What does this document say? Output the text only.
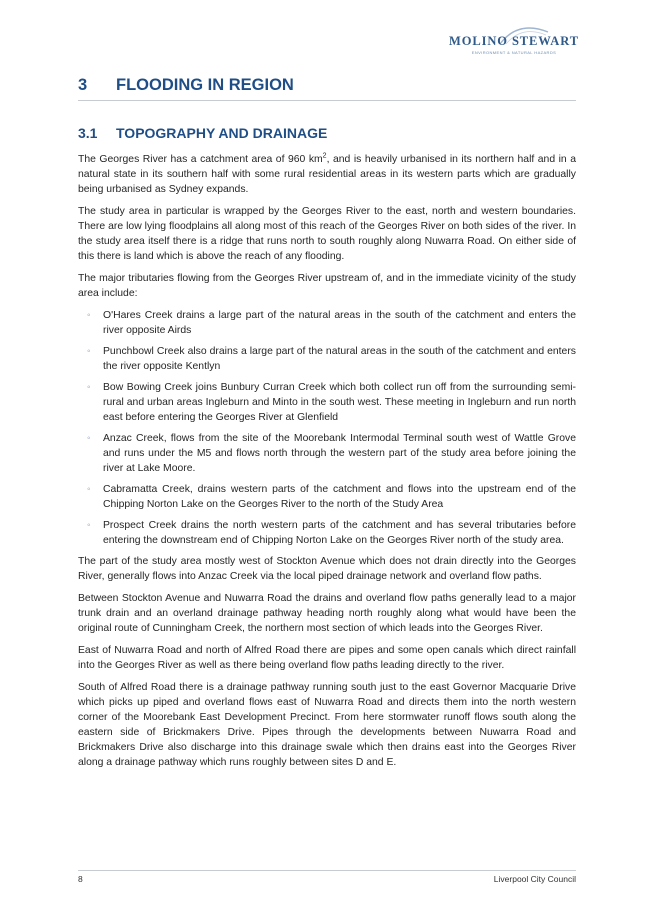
MOLINO STEWART
ENVIRONMENT & NATURAL HAZARDS
3 FLOODING IN REGION
3.1 TOPOGRAPHY AND DRAINAGE

The Georges River has a catchment area of 960 $km^2$, and is heavily urbanised in its northern half and in a natural state in its southern half with some rural residential areas in its western parts which are gradually being urbanised as Sydney expands.

The study area in particular is wrapped by the Georges River to the east, north and western boundaries. There are low lying floodplains all along most of this reach of the Georges River on both sides of the river. In the study area itself there is a ridge that runs north to south roughly along Nuwarra Road. On either side of this there is land which is above the reach of any flooding.

The major tributaries flowing from the Georges River upstream of, and in the immediate vicinity of the study area include:

◦ O'Hares Creek drains a large part of the natural areas in the south of the catchment and enters the river opposite Airds
◦ Punchbowl Creek also drains a large part of the natural areas in the south of the catchment and enters the river opposite Kentlyn
◦ Bow Bowing Creek joins Bunbury Curran Creek which both collect run off from the surrounding semi-rural and urban areas Ingleburn and Minto in the south west. These meeting in Ingleburn and run north east before entering the Georges River at Glenfield
◦ Anzac Creek, flows from the site of the Moorebank Intermodal Terminal south west of Wattle Grove and runs under the M5 and flows north through the western part of the study area before joining the river at Lake Moore.
◦ Cabramatta Creek, drains western parts of the catchment and flows into the upstream end of the Chipping Norton Lake on the Georges River to the north of the Study Area
◦ Prospect Creek drains the north western parts of the catchment and has several tributaries before entering the downstream end of Chipping Norton Lake on the Georges River north of the study area.

The part of the study area mostly west of Stockton Avenue which does not drain directly into the Georges River, generally flows into Anzac Creek via the local piped drainage network and overland flow paths.

Between Stockton Avenue and Nuwarra Road the drains and overland flow paths generally lead to a major trunk drain and an overland drainage pathway heading north roughly along what would have been the original route of Cunningham Creek, the northern most section of which leads into the Georges River.

East of Nuwarra Road and north of Alfred Road there are pipes and some open canals which direct rainfall into the Georges River as well as there being overland flow paths leading directly to the river.

South of Alfred Road there is a drainage pathway running south just to the east Governor Macquarie Drive which picks up piped and overland flows east of Nuwarra Road and directs them into the north western corner of the Moorebank East Development Precinct. From here stormwater runoff flows south along the eastern side of Brickmakers Drive. Pipes through the developments between Nuwarra Road and Brickmakers Drive also discharge into this drainage swale which then drains east into the Georges River along a drainage pathway which runs roughly between sites D and E.

8	Liverpool City Council
